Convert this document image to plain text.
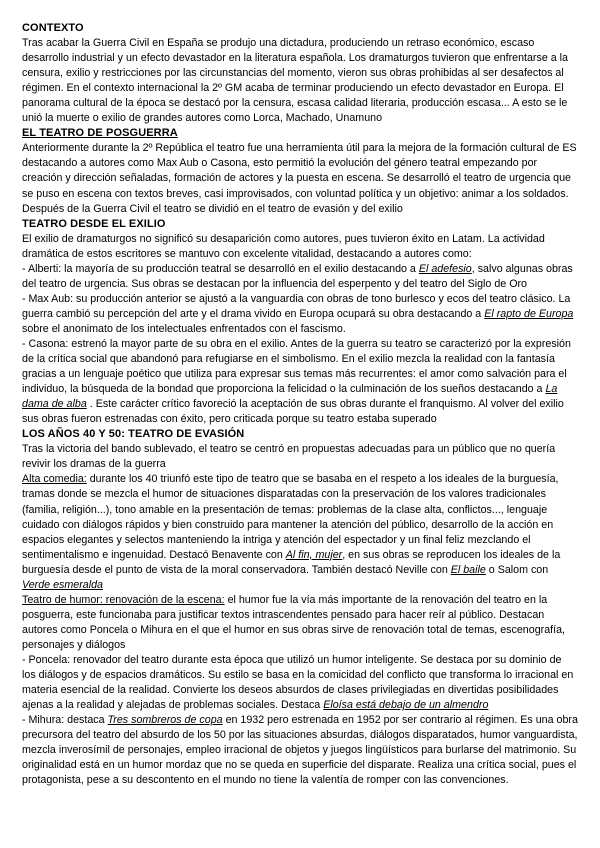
CONTEXTO

Tras acabar la Guerra Civil en España se produjo una dictadura, produciendo un retraso económico, escaso desarrollo industrial y un efecto devastador en la literatura española. Los dramaturgos tuvieron que enfrentarse a la censura, exilio y restricciones por las circunstancias del momento, vieron sus obras prohibidas al ser desafectos al régimen. En el contexto internacional la 2º GM acaba de terminar produciendo un efecto devastador en Europa. El panorama cultural de la época se destacó por la censura, escasa calidad literaria, producción escasa... A esto se le unió la muerte o exilio de grandes autores como Lorca, Machado, Unamuno

EL TEATRO DE POSGUERRA

Anteriormente durante la 2º República el teatro fue una herramienta útil para la mejora de la formación cultural de ES destacando a autores como Max Aub o Casona, esto permitió la evolución del género teatral empezando por creación y dirección señaladas, formación de actores y la puesta en escena. Se desarrolló el teatro de urgencia que se puso en escena con textos breves, casi improvisados, con voluntad política y un objetivo: animar a los soldados. Después de la Guerra Civil el teatro se dividió en el teatro de evasión y del exilio

TEATRO DESDE EL EXILIO

El exilio de dramaturgos no significó su desaparición como autores, pues tuvieron éxito en Latam. La actividad dramática de estos escritores se mantuvo con excelente vitalidad, destacando a autores como:

- Alberti: la mayoría de su producción teatral se desarrolló en el exilio destacando a El adefesio, salvo algunas obras del teatro de urgencia. Sus obras se destacan por la influencia del esperpento y del teatro del Siglo de Oro

- Max Aub: su producción anterior se ajustó a la vanguardia con obras de tono burlesco y ecos del teatro clásico. La guerra cambió su percepción del arte y el drama vivido en Europa ocupará su obra destacando a El rapto de Europa sobre el anonimato de los intelectuales enfrentados con el fascismo.

- Casona: estrenó la mayor parte de su obra en el exilio. Antes de la guerra su teatro se caracterizó por la expresión de la crítica social que abandonó para refugiarse en el simbolismo. En el exilio mezcla la realidad con la fantasía gracias a un lenguaje poético que utiliza para expresar sus temas más recurrentes: el amor como salvación para el individuo, la búsqueda de la bondad que proporciona la felicidad o la culminación de los sueños destacando a La dama de alba . Este carácter crítico favoreció la aceptación de sus obras durante el franquismo. Al volver del exilio sus obras fueron estrenadas con éxito, pero criticada porque su teatro estaba superado

LOS AÑOS 40 Y 50: TEATRO DE EVASIÓN

Tras la victoria del bando sublevado, el teatro se centró en propuestas adecuadas para un público que no quería revivir los dramas de la guerra

Alta comedia: durante los 40 triunfó este tipo de teatro que se basaba en el respeto a los ideales de la burguesía, tramas donde se mezcla el humor de situaciones disparatadas con la preservación de los valores tradicionales (familia, religión...), tono amable en la presentación de temas: problemas de la clase alta, conflictos..., lenguaje cuidado con diálogos rápidos y bien construido para mantener la atención del público, desarrollo de la acción en espacios elegantes y selectos manteniendo la intriga y atención del espectador y un final feliz mezclando el sentimentalismo e ingenuidad. Destacó Benavente con Al fin, mujer, en sus obras se reproducen los ideales de la burguesía desde el punto de vista de la moral conservadora. También destacó Neville con El baile o Salom con Verde esmeralda

Teatro de humor: renovación de la escena: el humor fue la vía más importante de la renovación del teatro en la posguerra, este funcionaba para justificar textos intrascendentes pensado para hacer reír al público. Destacan autores como Poncela o Mihura en el que el humor en sus obras sirve de renovación total de temas, escenografía, personajes y diálogos

- Poncela: renovador del teatro durante esta época que utilizó un humor inteligente. Se destaca por su dominio de los diálogos y de espacios dramáticos. Su estilo se basa en la comicidad del conflicto que transforma lo irracional en materia esencial de la realidad. Convierte los deseos absurdos de clases privilegiadas en divertidas posibilidades ajenas a la realidad y alejadas de problemas sociales. Destaca Eloísa está debajo de un almendro

- Mihura: destaca Tres sombreros de copa en 1932 pero estrenada en 1952 por ser contrario al régimen. Es una obra precursora del teatro del absurdo de los 50 por las situaciones absurdas, diálogos disparatados, humor vanguardista, mezcla inverosímil de personajes, empleo irracional de objetos y juegos lingüísticos para burlarse del matrimonio. Su originalidad está en un humor mordaz que no se queda en superficie del disparate. Realiza una crítica social, pues el protagonista, pese a su descontento en el mundo no tiene la valentía de romper con las convenciones.
